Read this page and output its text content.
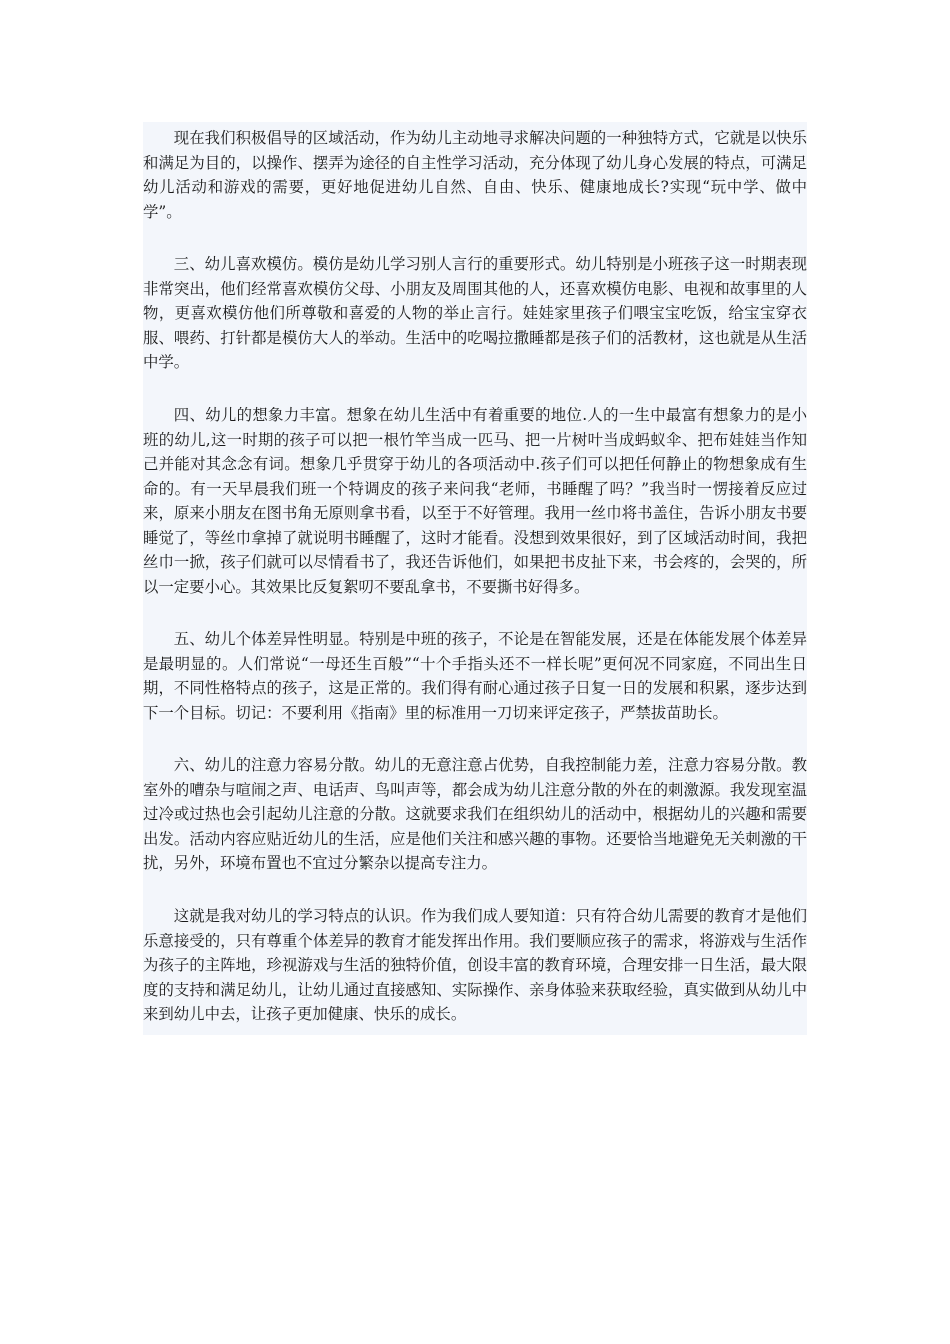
现在我们积极倡导的区域活动，作为幼儿主动地寻求解决问题的一种独特方式，它就是以快乐和满足为目的，以操作、摆弄为途径的自主性学习活动，充分体现了幼儿身心发展的特点，可满足幼儿活动和游戏的需要，更好地促进幼儿自然、自由、快乐、健康地成长?实现“玩中学、做中学”。

三、幼儿喜欢模仿。模仿是幼儿学习别人言行的重要形式。幼儿特别是小班孩子这一时期表现非常突出，他们经常喜欢模仿父母、小朋友及周围其他的人，还喜欢模仿电影、电视和故事里的人物，更喜欢模仿他们所尊敬和喜爱的人物的举止言行。娃娃家里孩子们喂宝宝吃饭，给宝宝穿衣服、喂药、打针都是模仿大人的举动。生活中的吃喝拉撒睡都是孩子们的活教材，这也就是从生活中学。

四、幼儿的想象力丰富。想象在幼儿生活中有着重要的地位.人的一生中最富有想象力的是小班的幼儿,这一时期的孩子可以把一根竹竿当成一匹马、把一片树叶当成蚂蚁伞、把布娃娃当作知己并能对其念念有词。想象几乎贯穿于幼儿的各项活动中.孩子们可以把任何静止的物想象成有生命的。有一天早晨我们班一个特调皮的孩子来问我“老师，书睡醒了吗？”我当时一愣接着反应过来，原来小朋友在图书角无原则拿书看，以至于不好管理。我用一丝巾将书盖住，告诉小朋友书要睡觉了，等丝巾拿掉了就说明书睡醒了，这时才能看。没想到效果很好，到了区域活动时间，我把丝巾一掀，孩子们就可以尽情看书了，我还告诉他们，如果把书皮扯下来，书会疼的，会哭的，所以一定要小心。其效果比反复絮叨不要乱拿书，不要撕书好得多。

五、幼儿个体差异性明显。特别是中班的孩子，不论是在智能发展，还是在体能发展个体差异是最明显的。人们常说“一母还生百般”“十个手指头还不一样长呢”更何况不同家庭，不同出生日期，不同性格特点的孩子，这是正常的。我们得有耐心通过孩子日复一日的发展和积累，逐步达到下一个目标。切记：不要利用《指南》里的标准用一刀切来评定孩子，严禁拔苗助长。

六、幼儿的注意力容易分散。幼儿的无意注意占优势，自我控制能力差，注意力容易分散。教室外的嘈杂与喧闹之声、电话声、鸟叫声等，都会成为幼儿注意分散的外在的刺激源。我发现室温过冷或过热也会引起幼儿注意的分散。这就要求我们在组织幼儿的活动中，根据幼儿的兴趣和需要出发。活动内容应贴近幼儿的生活，应是他们关注和感兴趣的事物。还要恰当地避免无关刺激的干扰，另外，环境布置也不宜过分繁杂以提高专注力。

这就是我对幼儿的学习特点的认识。作为我们成人要知道：只有符合幼儿需要的教育才是他们乐意接受的，只有尊重个体差异的教育才能发挥出作用。我们要顺应孩子的需求，将游戏与生活作为孩子的主阵地，珍视游戏与生活的独特价值，创设丰富的教育环境，合理安排一日生活，最大限度的支持和满足幼儿，让幼儿通过直接感知、实际操作、亲身体验来获取经验，真实做到从幼儿中来到幼儿中去，让孩子更加健康、快乐的成长。
